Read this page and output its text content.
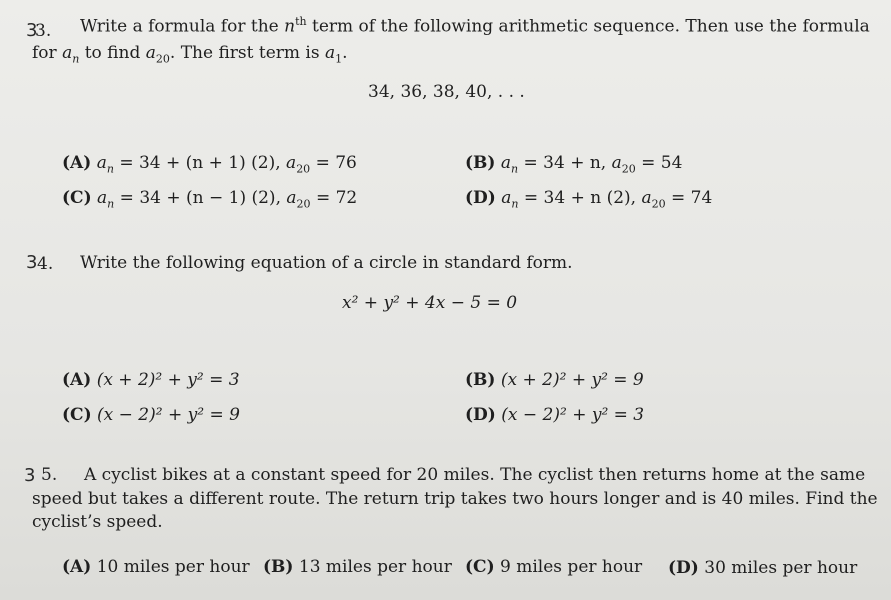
3
3. Write a formula for the $n^{th}$ term of the following arithmetic sequence. Then use the formula
for $a_n$ to find $a_{20}$. The first term is $a_1$.
34, 36, 38, 40, . . .
(A) $a_n = 34 + (n + 1)$ (2), $a_{20} = 76$	(B) $a_n = 34 + n$, $a_{20} = 54$
(C) $a_n = 34 + (n - 1)$ (2), $a_{20} = 72$	(D) $a_n = 34 + n$ (2), $a_{20} = 74$
3 4. Write the following equation of a circle in standard form.
x² + y² + 4x − 5 = 0
(A) (x + 2)² + y² = 3	(B) (x + 2)² + y² = 9
(C) (x − 2)² + y² = 9	(D) (x − 2)² + y² = 3
3 5. A cyclist bikes at a constant speed for 20 miles. The cyclist then returns home at the same
speed but takes a different route. The return trip takes two hours longer and is 40 miles. Find the
cyclist’s speed.
(A) 10 miles per hour (B) 13 miles per hour (C) 9 miles per hour (D) 30 miles per hour
